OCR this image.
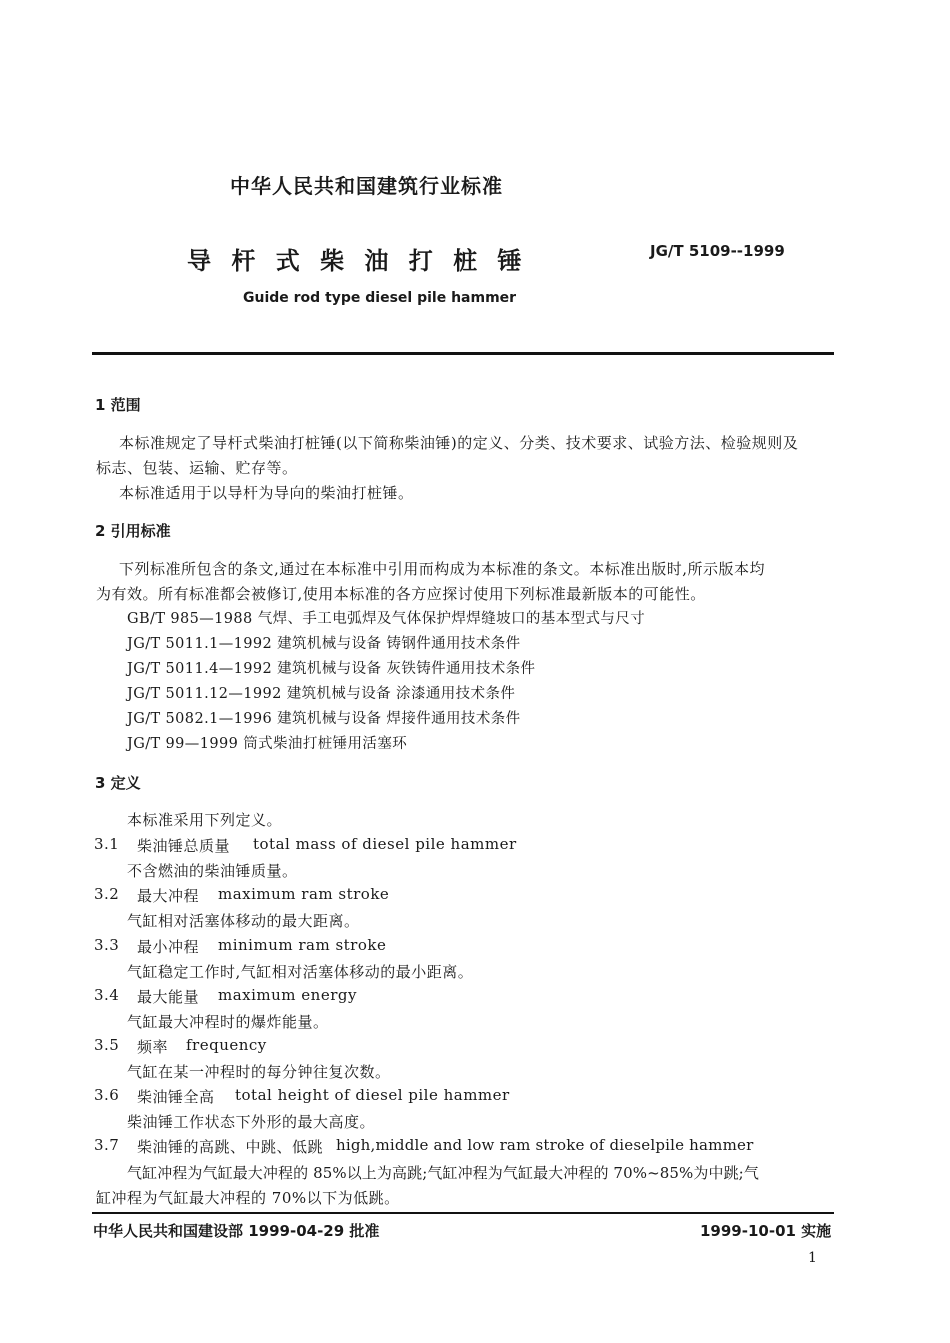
中华人民共和国建筑行业标准
导 杆 式 柴 油 打 桩 锤	JG/T 5109--1999
Guide rod type diesel pile hammer
1 范围
本标准规定了导杆式柴油打桩锤(以下简称柴油锤)的定义、分类、技术要求、试验方法、检验规则及
标志、包装、运输、贮存等。
本标准适用于以导杆为导向的柴油打桩锤。
2 引用标准
下列标准所包含的条文,通过在本标准中引用而构成为本标准的条文。本标准出版时,所示版本均
为有效。所有标准都会被修订,使用本标准的各方应探讨使用下列标准最新版本的可能性。
GB/T 985—1988 气焊、手工电弧焊及气体保护焊焊缝坡口的基本型式与尺寸
JG/T 5011.1—1992 建筑机械与设备 铸钢件通用技术条件
JG/T 5011.4—1992 建筑机械与设备 灰铁铸件通用技术条件
JG/T 5011.12—1992 建筑机械与设备 涂漆通用技术条件
JG/T 5082.1—1996 建筑机械与设备 焊接件通用技术条件
JG/T 99—1999 筒式柴油打桩锤用活塞环
3 定义
本标准采用下列定义。
3.1 柴油锤总质量 total mass of diesel pile hammer
不含燃油的柴油锤质量。
3.2 最大冲程 maximum ram stroke
气缸相对活塞体移动的最大距离。
3.3 最小冲程 minimum ram stroke
气缸稳定工作时,气缸相对活塞体移动的最小距离。
3.4 最大能量 maximum energy
气缸最大冲程时的爆炸能量。
3.5 频率 frequency
气缸在某一冲程时的每分钟往复次数。
3.6 柴油锤全高 total height of diesel pile hammer
柴油锤工作状态下外形的最大高度。
3.7 柴油锤的高跳、中跳、低跳 high,middle and low ram stroke of dieselpile hammer
气缸冲程为气缸最大冲程的 85%以上为高跳;气缸冲程为气缸最大冲程的 70%~85%为中跳;气
缸冲程为气缸最大冲程的 70%以下为低跳。
中华人民共和国建设部 1999-04-29 批准	1999-10-01 实施
1
